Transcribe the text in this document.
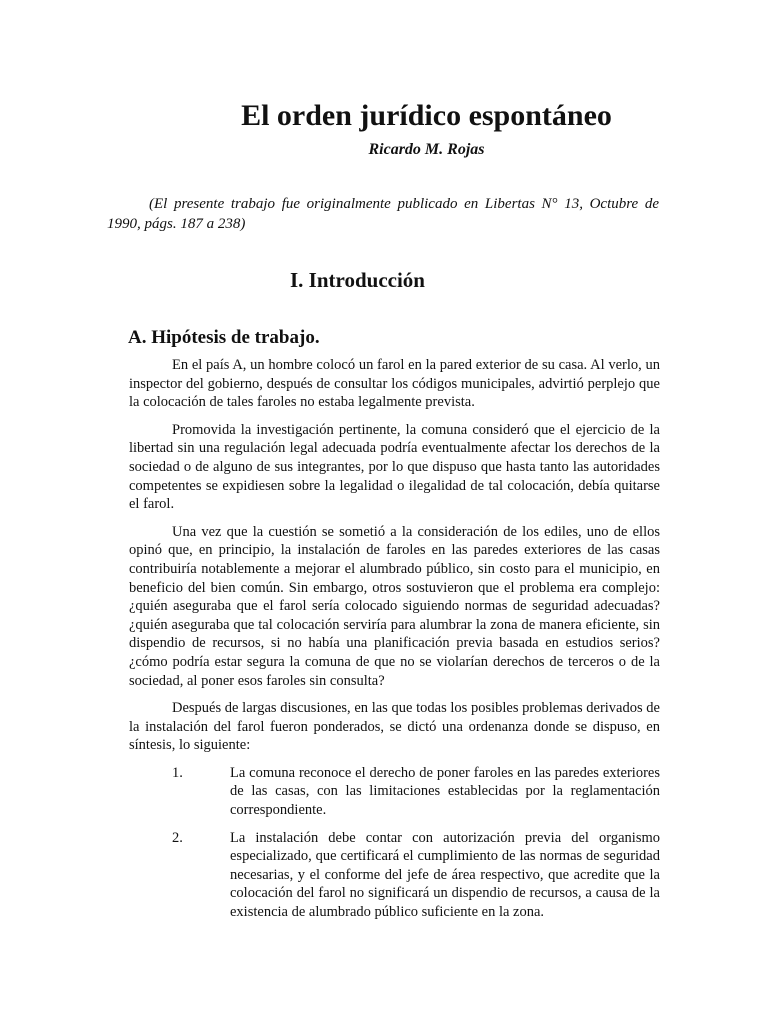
El orden jurídico espontáneo

Ricardo M. Rojas

(El presente trabajo fue originalmente publicado en Libertas N° 13, Octubre de 1990, págs. 187 a 238)

I. Introducción
A. Hipótesis de trabajo.

En el país A, un hombre colocó un farol en la pared exterior de su casa. Al verlo, un inspector del gobierno, después de consultar los códigos municipales, advirtió perplejo que la colocación de tales faroles no estaba legalmente prevista.

Promovida la investigación pertinente, la comuna consideró que el ejercicio de la libertad sin una regulación legal adecuada podría eventualmente afectar los derechos de la sociedad o de alguno de sus integrantes, por lo que dispuso que hasta tanto las autoridades competentes se expidiesen sobre la legalidad o ilegalidad de tal colocación, debía quitarse el farol.

Una vez que la cuestión se sometió a la consideración de los ediles, uno de ellos opinó que, en principio, la instalación de faroles en las paredes exteriores de las casas contribuiría notablemente a mejorar el alumbrado público, sin costo para el municipio, en beneficio del bien común. Sin embargo, otros sostuvieron que el problema era complejo: ¿quién aseguraba que el farol sería colocado siguiendo normas de seguridad adecuadas? ¿quién aseguraba que tal colocación serviría para alumbrar la zona de manera eficiente, sin dispendio de recursos, si no había una planificación previa basada en estudios serios? ¿cómo podría estar segura la comuna de que no se violarían derechos de terceros o de la sociedad, al poner esos faroles sin consulta?

Después de largas discusiones, en las que todas los posibles problemas derivados de la instalación del farol fueron ponderados, se dictó una ordenanza donde se dispuso, en síntesis, lo siguiente:

1.	La comuna reconoce el derecho de poner faroles en las paredes exteriores de las casas, con las limitaciones establecidas por la reglamentación correspondiente.
2.	La instalación debe contar con autorización previa del organismo especializado, que certificará el cumplimiento de las normas de seguridad necesarias, y el conforme del jefe de área respectivo, que acredite que la colocación del farol no significará un dispendio de recursos, a causa de la existencia de alumbrado público suficiente en la zona.
